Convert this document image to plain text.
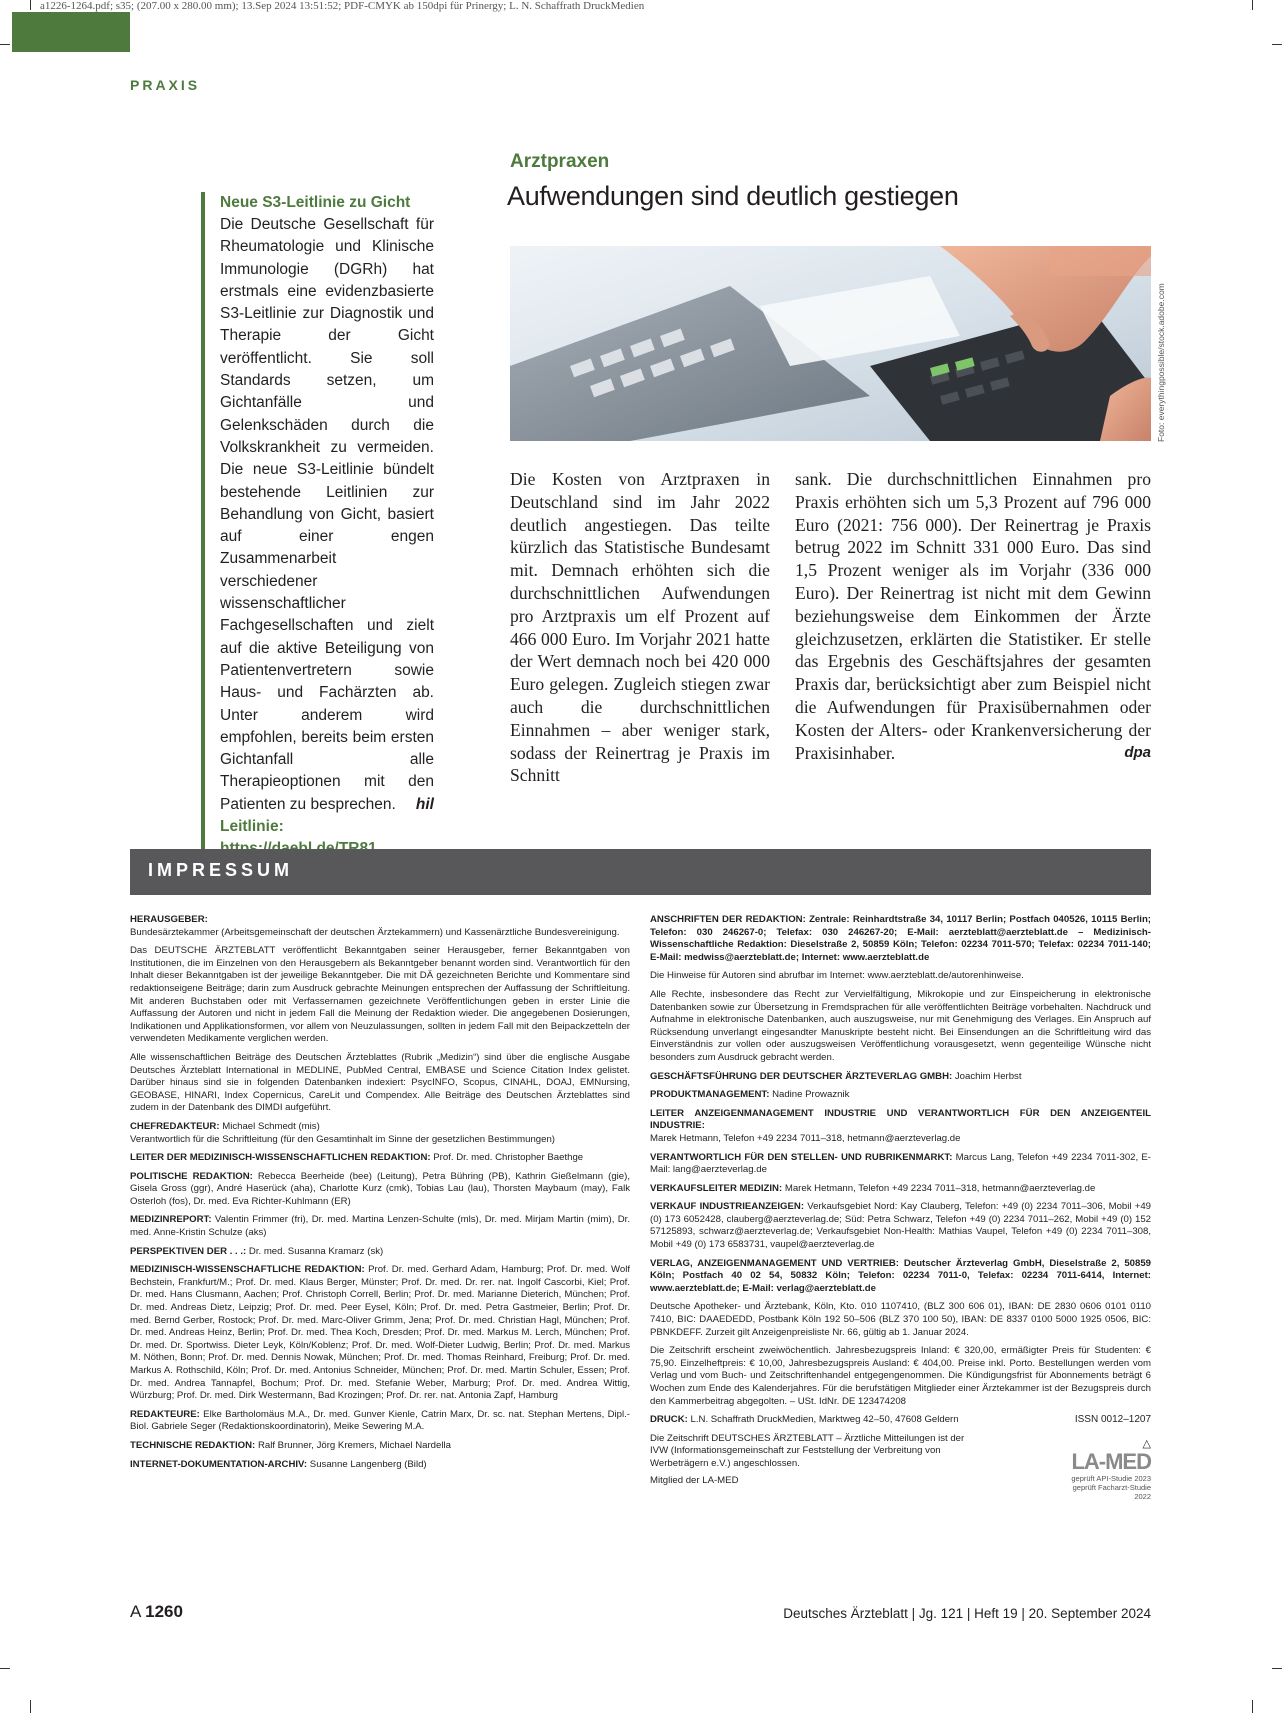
a1226-1264.pdf; s35; (207.00 x 280.00 mm); 13.Sep 2024 13:51:52; PDF-CMYK ab 150dpi für Prinergy; L. N. Schaffrath DruckMedien
PRAXIS
Neue S3-Leitlinie zu Gicht
Die Deutsche Gesellschaft für Rheumatologie und Klinische Immunologie (DGRh) hat erstmals eine evidenzbasierte S3-Leitlinie zur Diagnostik und Therapie der Gicht veröffentlicht. Sie soll Standards setzen, um Gichtanfälle und Gelenkschäden durch die Volkskrankheit zu vermeiden. Die neue S3-Leitlinie bündelt bestehende Leitlinien zur Behandlung von Gicht, basiert auf einer engen Zusammenarbeit verschiedener wissenschaftlicher Fachgesellschaften und zielt auf die aktive Beteiligung von Patientenvertretern sowie Haus- und Fachärzten ab. Unter anderem wird empfohlen, bereits beim ersten Gichtanfall alle Therapieoptionen mit den Patienten zu besprechen. hil
Leitlinie:
Arztpraxen
Aufwendungen sind deutlich gestiegen
Foto: everythingpossible/stock.adobe.com
Die Kosten von Arztpraxen in Deutschland sind im Jahr 2022 deutlich angestiegen. Das teilte kürzlich das Statistische Bundesamt mit. Demnach erhöhten sich die durchschnittlichen Aufwendungen pro Arztpraxis um elf Prozent auf 466 000 Euro. Im Vorjahr 2021 hatte der Wert demnach noch bei 420 000 Euro gelegen. Zugleich stiegen zwar auch die durchschnittlichen Einnahmen – aber weniger stark, sodass der Reinertrag je Praxis im Schnitt
sank. Die durchschnittlichen Einnahmen pro Praxis erhöhten sich um 5,3 Prozent auf 796 000 Euro (2021: 756 000). Der Reinertrag je Praxis betrug 2022 im Schnitt 331 000 Euro. Das sind 1,5 Prozent weniger als im Vorjahr (336 000 Euro). Der Reinertrag ist nicht mit dem Gewinn beziehungsweise dem Einkommen der Ärzte gleichzusetzen, erklärten die Statistiker. Er stelle das Ergebnis des Geschäftsjahres der gesamten Praxis dar, berücksichtigt aber zum Beispiel nicht die Aufwendungen für Praxisübernahmen oder Kosten der Alters- oder Krankenversicherung der Praxisinhaber.	dpa
IMPRESSUM

HERAUSGEBER:
Bundesärztekammer (Arbeitsgemeinschaft der deutschen Ärztekammern) und Kassenärztliche Bundesvereinigung.

Das DEUTSCHE ÄRZTEBLATT veröffentlicht Bekanntgaben seiner Herausgeber, ferner Bekanntgaben von Institutionen, die im Einzelnen von den Herausgebern als Bekanntgeber benannt worden sind. Verantwortlich für den Inhalt dieser Bekanntgaben ist der jeweilige Bekanntgeber. Die mit DÄ gezeichneten Berichte und Kommentare sind redaktionseigene Beiträge; darin zum Ausdruck gebrachte Meinungen entsprechen der Auffassung der Schriftleitung. Mit anderen Buchstaben oder mit Verfassernamen gezeichnete Veröffentlichungen geben in erster Linie die Auffassung der Autoren und nicht in jedem Fall die Meinung der Redaktion wieder. Die angegebenen Dosierungen, Indikationen und Applikationsformen, vor allem von Neuzulassungen, sollten in jedem Fall mit den Beipackzetteln der verwendeten Medikamente verglichen werden.

Alle wissenschaftlichen Beiträge des Deutschen Ärzteblattes (Rubrik „Medizin“) sind über die englische Ausgabe Deutsches Ärzteblatt International in MEDLINE, PubMed Central, EMBASE und Science Citation Index gelistet. Darüber hinaus sind sie in folgenden Datenbanken indexiert: PsycINFO, Scopus, CINAHL, DOAJ, EMNursing, GEOBASE, HINARI, Index Copernicus, CareLit und Compendex. Alle Beiträge des Deutschen Ärzteblattes sind zudem in der Datenbank des DIMDI aufgeführt.

CHEFREDAKTEUR: Michael Schmedt (mis)
Verantwortlich für die Schriftleitung (für den Gesamtinhalt im Sinne der gesetzlichen Bestimmungen)

LEITER DER MEDIZINISCH-WISSENSCHAFTLICHEN REDAKTION: Prof. Dr. med. Christopher Baethge

POLITISCHE REDAKTION: Rebecca Beerheide (bee) (Leitung), Petra Bühring (PB), Kathrin Gießelmann (gie), Gisela Gross (ggr), André Haserück (aha), Charlotte Kurz (cmk), Tobias Lau (lau), Thorsten Maybaum (may), Falk Osterloh (fos), Dr. med. Eva Richter-Kuhlmann (ER)

MEDIZINREPORT: Valentin Frimmer (fri), Dr. med. Martina Lenzen-Schulte (mls), Dr. med. Mirjam Martin (mim), Dr. med. Anne-Kristin Schulze (aks)

PERSPEKTIVEN DER . . .: Dr. med. Susanna Kramarz (sk)

MEDIZINISCH-WISSENSCHAFTLICHE REDAKTION: Prof. Dr. med. Gerhard Adam, Hamburg; Prof. Dr. med. Wolf Bechstein, Frankfurt/M.; Prof. Dr. med. Klaus Berger, Münster; Prof. Dr. med. Dr. rer. nat. Ingolf Cascorbi, Kiel; Prof. Dr. med. Hans Clusmann, Aachen; Prof. Christoph Correll, Berlin; Prof. Dr. med. Marianne Dieterich, München; Prof. Dr. med. Andreas Dietz, Leipzig; Prof. Dr. med. Peer Eysel, Köln; Prof. Dr. med. Petra Gastmeier, Berlin; Prof. Dr. med. Bernd Gerber, Rostock; Prof. Dr. med. Marc-Oliver Grimm, Jena; Prof. Dr. med. Christian Hagl, München; Prof. Dr. med. Andreas Heinz, Berlin; Prof. Dr. med. Thea Koch, Dresden; Prof. Dr. med. Markus M. Lerch, München; Prof. Dr. med. Dr. Sportwiss. Dieter Leyk, Köln/Koblenz; Prof. Dr. med. Wolf-Dieter Ludwig, Berlin; Prof. Dr. med. Markus M. Nöthen, Bonn; Prof. Dr. med. Dennis Nowak, München; Prof. Dr. med. Thomas Reinhard, Freiburg; Prof. Dr. med. Markus A. Rothschild, Köln; Prof. Dr. med. Antonius Schneider, München; Prof. Dr. med. Martin Schuler, Essen; Prof. Dr. med. Andrea Tannapfel, Bochum; Prof. Dr. med. Stefanie Weber, Marburg; Prof. Dr. med. Andrea Wittig, Würzburg; Prof. Dr. med. Dirk Westermann, Bad Krozingen; Prof. Dr. rer. nat. Antonia Zapf, Hamburg

REDAKTEURE: Elke Bartholomäus M.A., Dr. med. Gunver Kienle, Catrin Marx, Dr. sc. nat. Stephan Mertens, Dipl.-Biol. Gabriele Seger (Redaktionskoordinatorin), Meike Sewering M.A.

TECHNISCHE REDAKTION: Ralf Brunner, Jörg Kremers, Michael Nardella

INTERNET-DOKUMENTATION-ARCHIV: Susanne Langenberg (Bild)

ANSCHRIFTEN DER REDAKTION: Zentrale: Reinhardtstraße 34, 10117 Berlin; Postfach 040526, 10115 Berlin; Telefon: 030 246267-0; Telefax: 030 246267-20; E-Mail: aerzteblatt@aerzteblatt.de – Medizinisch-Wissenschaftliche Redaktion: Dieselstraße 2, 50859 Köln; Telefon: 02234 7011-570; Telefax: 02234 7011-140; E-Mail: medwiss@aerzteblatt.de; Internet: www.aerzteblatt.de

Die Hinweise für Autoren sind abrufbar im Internet: www.aerzteblatt.de/autorenhinweise.

Alle Rechte, insbesondere das Recht zur Vervielfältigung, Mikrokopie und zur Einspeicherung in elektronische Datenbanken sowie zur Übersetzung in Fremdsprachen für alle veröffentlichten Beiträge vorbehalten. Nachdruck und Aufnahme in elektronische Datenbanken, auch auszugsweise, nur mit Genehmigung des Verlages. Ein Anspruch auf Rücksendung unverlangt eingesandter Manuskripte besteht nicht. Bei Einsendungen an die Schriftleitung wird das Einverständnis zur vollen oder auszugsweisen Veröffentlichung vorausgesetzt, wenn gegenteilige Wünsche nicht besonders zum Ausdruck gebracht werden.

GESCHÄFTSFÜHRUNG DER DEUTSCHER ÄRZTEVERLAG GMBH: Joachim Herbst

PRODUKTMANAGEMENT: Nadine Prowaznik

LEITER ANZEIGENMANAGEMENT INDUSTRIE UND VERANTWORTLICH FÜR DEN ANZEIGENTEIL INDUSTRIE:
Marek Hetmann, Telefon +49 2234 7011–318, hetmann@aerzteverlag.de

VERANTWORTLICH FÜR DEN STELLEN- UND RUBRIKENMARKT: Marcus Lang, Telefon +49 2234 7011-302, E-Mail: lang@aerzteverlag.de

VERKAUFSLEITER MEDIZIN: Marek Hetmann, Telefon +49 2234 7011–318, hetmann@aerzteverlag.de

VERKAUF INDUSTRIEANZEIGEN: Verkaufsgebiet Nord: Kay Clauberg, Telefon: +49 (0) 2234 7011–306, Mobil +49 (0) 173 6052428, clauberg@aerzteverlag.de; Süd: Petra Schwarz, Telefon +49 (0) 2234 7011–262, Mobil +49 (0) 152 57125893, schwarz@aerzteverlag.de; Verkaufsgebiet Non-Health: Mathias Vaupel, Telefon +49 (0) 2234 7011–308, Mobil +49 (0) 173 6583731, vaupel@aerzteverlag.de

VERLAG, ANZEIGENMANAGEMENT UND VERTRIEB: Deutscher Ärzteverlag GmbH, Dieselstraße 2, 50859 Köln; Postfach 40 02 54, 50832 Köln; Telefon: 02234 7011-0, Telefax: 02234 7011-6414, Internet: www.aerzteblatt.de; E-Mail: verlag@aerzteblatt.de

Deutsche Apotheker- und Ärztebank, Köln, Kto. 010 1107410, (BLZ 300 606 01), IBAN: DE 2830 0606 0101 0110 7410, BIC: DAAEDEDD, Postbank Köln 192 50–506 (BLZ 370 100 50), IBAN: DE 8337 0100 5000 1925 0506, BIC: PBNKDEFF. Zurzeit gilt Anzeigenpreisliste Nr. 66, gültig ab 1. Januar 2024.

Die Zeitschrift erscheint zweiwöchentlich. Jahresbezugspreis Inland: € 320,00, ermäßigter Preis für Studenten: € 75,90. Einzelheftpreis: € 10,00, Jahresbezugspreis Ausland: € 404,00. Preise inkl. Porto. Bestellungen werden vom Verlag und vom Buch- und Zeitschriftenhandel entgegengenommen. Die Kündigungsfrist für Abonnements beträgt 6 Wochen zum Ende des Kalenderjahres. Für die berufstätigen Mitglieder einer Ärztekammer ist der Bezugspreis durch den Kammerbeitrag abgegolten. – USt. IdNr. DE 123474208

DRUCK: L.N. Schaffrath DruckMedien, Marktweg 42–50, 47608 Geldern	ISSN 0012–1207

Die Zeitschrift DEUTSCHES ÄRZTEBLATT – Ärztliche Mitteilungen ist der IVW (Informationsgemeinschaft zur Feststellung der Verbreitung von Werbeträgern e.V.) angeschlossen.
Mitglied der LA-MED
△
LA-MED
geprüft API-Studie 2023
geprüft Facharzt-Studie 2022
A 1260	Deutsches Ärzteblatt | Jg. 121 | Heft 19 | 20. September 2024
